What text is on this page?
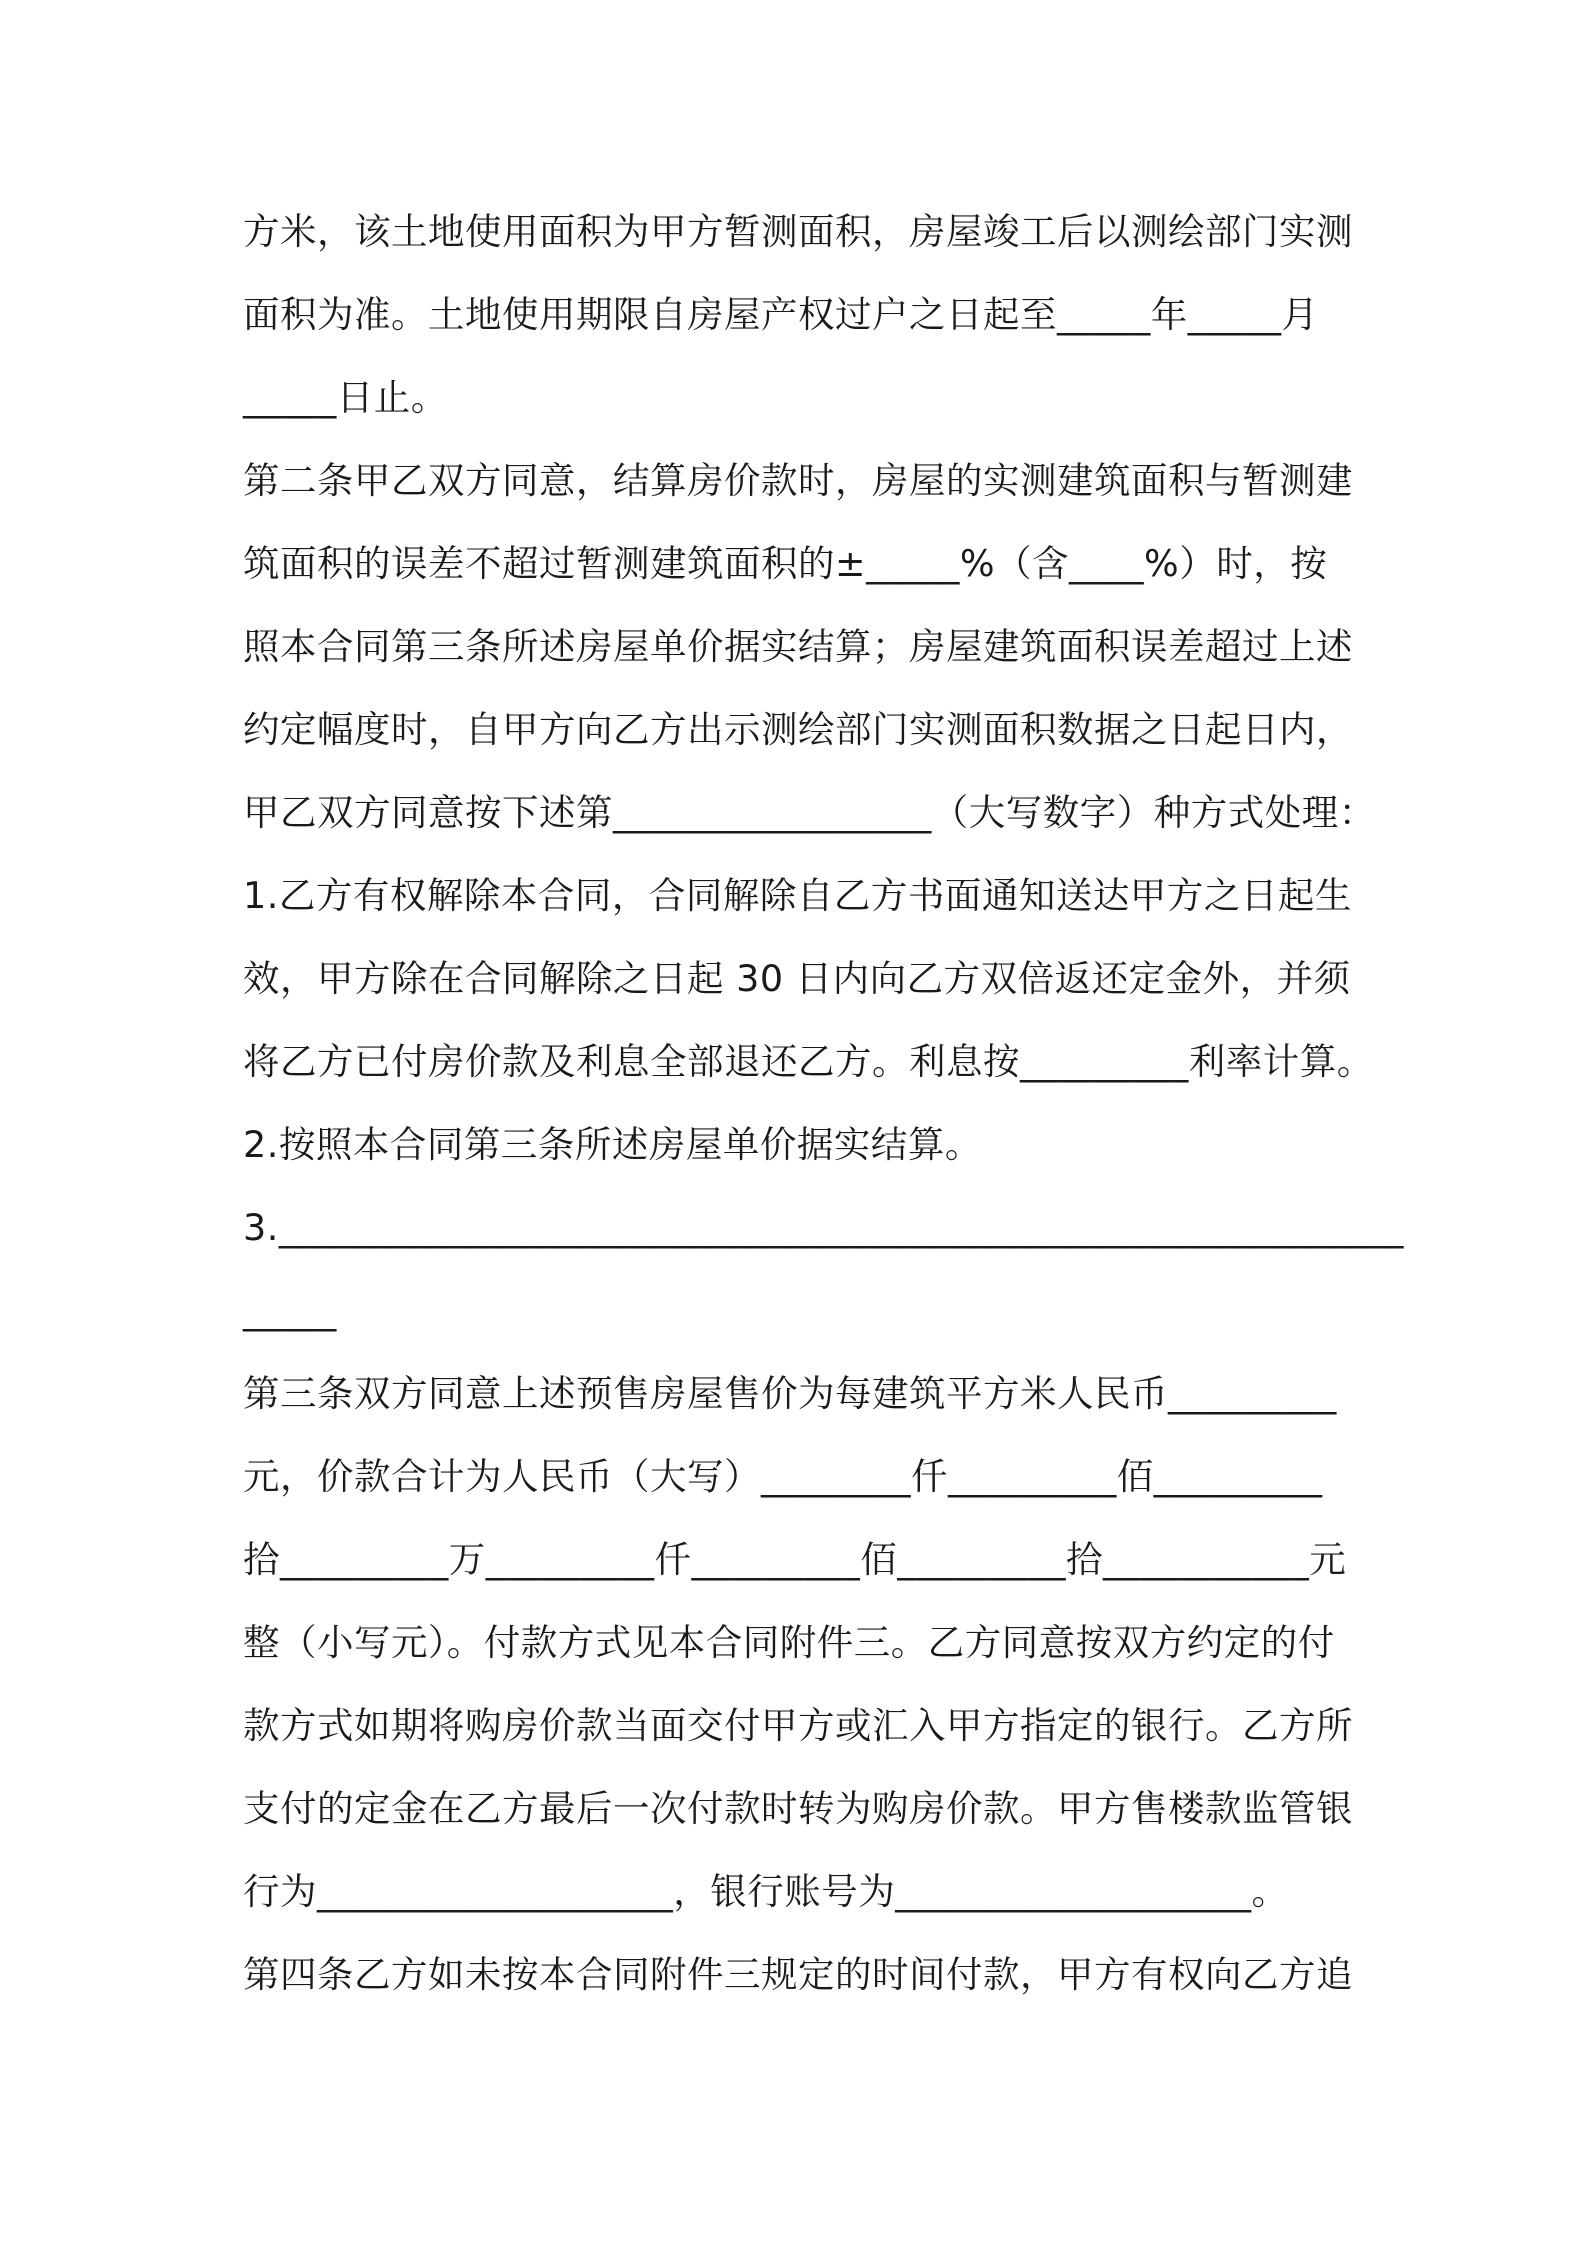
方米，该土地使用面积为甲方暂测面积，房屋竣工后以测绘部门实测
面积为准。土地使用期限自房屋产权过户之日起至_____年_____月
_____日止。
第二条甲乙双方同意，结算房价款时，房屋的实测建筑面积与暂测建
筑面积的误差不超过暂测建筑面积的±_____%（含____%）时，按
照本合同第三条所述房屋单价据实结算；房屋建筑面积误差超过上述
约定幅度时，自甲方向乙方出示测绘部门实测面积数据之日起日内，
甲乙双方同意按下述第_________________（大写数字）种方式处理：
1.乙方有权解除本合同，合同解除自乙方书面通知送达甲方之日起生
效，甲方除在合同解除之日起 30 日内向乙方双倍返还定金外，并须
将乙方已付房价款及利息全部退还乙方。利息按_________利率计算。
2.按照本合同第三条所述房屋单价据实结算。
3.____________________________________________________________
_____
第三条双方同意上述预售房屋售价为每建筑平方米人民币_________
元，价款合计为人民币（大写）________仟_________佰_________
拾_________万_________仟_________佰_________拾___________元
整（小写元）。付款方式见本合同附件三。乙方同意按双方约定的付
款方式如期将购房价款当面交付甲方或汇入甲方指定的银行。乙方所
支付的定金在乙方最后一次付款时转为购房价款。甲方售楼款监管银
行为___________________，银行账号为___________________。
第四条乙方如未按本合同附件三规定的时间付款，甲方有权向乙方追
